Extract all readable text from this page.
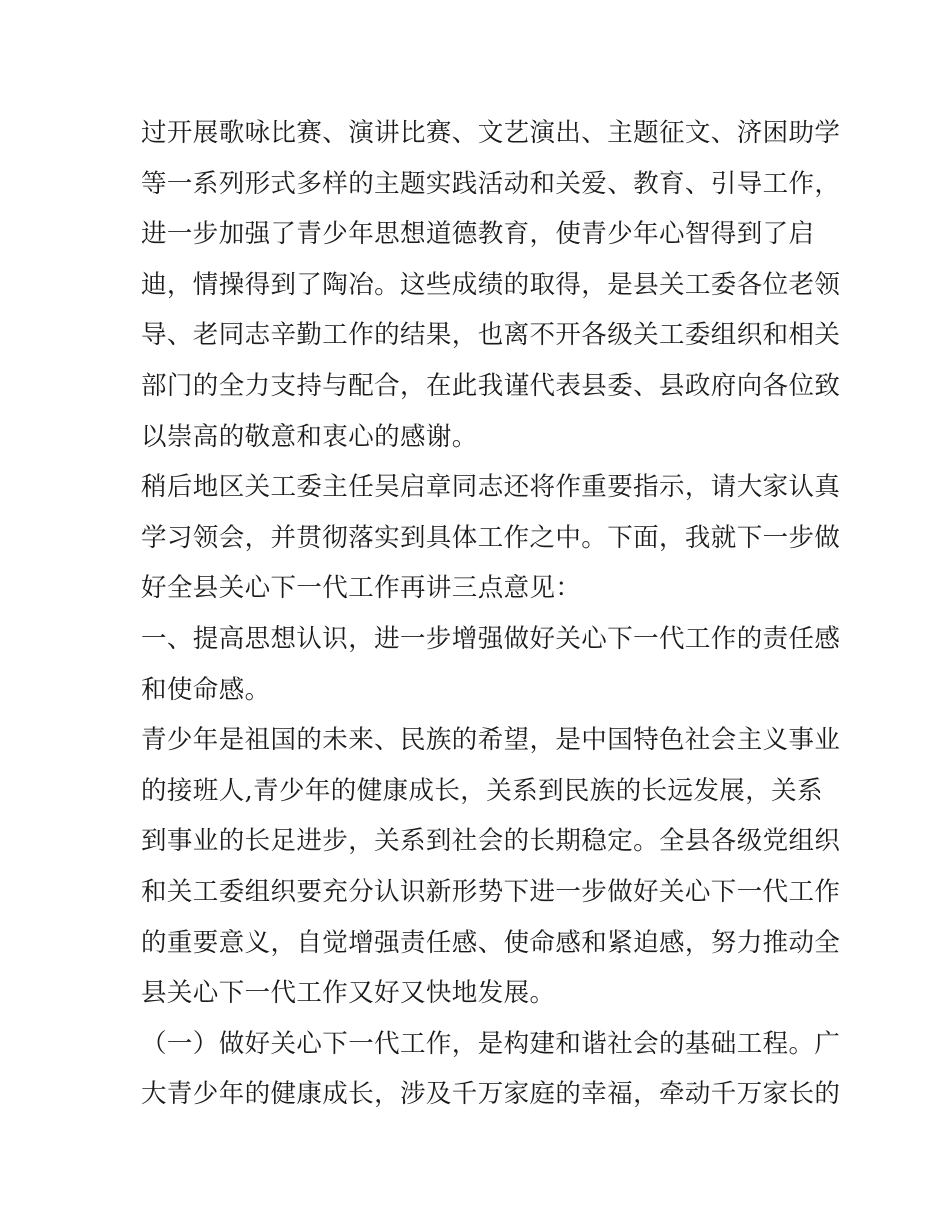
过开展歌咏比赛、演讲比赛、文艺演出、主题征文、济困助学
等一系列形式多样的主题实践活动和关爱、教育、引导工作，
进一步加强了青少年思想道德教育，使青少年心智得到了启
迪，情操得到了陶冶。这些成绩的取得，是县关工委各位老领
导、老同志辛勤工作的结果，也离不开各级关工委组织和相关
部门的全力支持与配合，在此我谨代表县委、县政府向各位致
以崇高的敬意和衷心的感谢。
稍后地区关工委主任吴启章同志还将作重要指示，请大家认真
学习领会，并贯彻落实到具体工作之中。下面，我就下一步做
好全县关心下一代工作再讲三点意见：
一、提高思想认识，进一步增强做好关心下一代工作的责任感
和使命感。
青少年是祖国的未来、民族的希望，是中国特色社会主义事业
的接班人,青少年的健康成长，关系到民族的长远发展，关系
到事业的长足进步，关系到社会的长期稳定。全县各级党组织
和关工委组织要充分认识新形势下进一步做好关心下一代工作
的重要意义，自觉增强责任感、使命感和紧迫感，努力推动全
县关心下一代工作又好又快地发展。
（一）做好关心下一代工作，是构建和谐社会的基础工程。广
大青少年的健康成长，涉及千万家庭的幸福，牵动千万家长的
